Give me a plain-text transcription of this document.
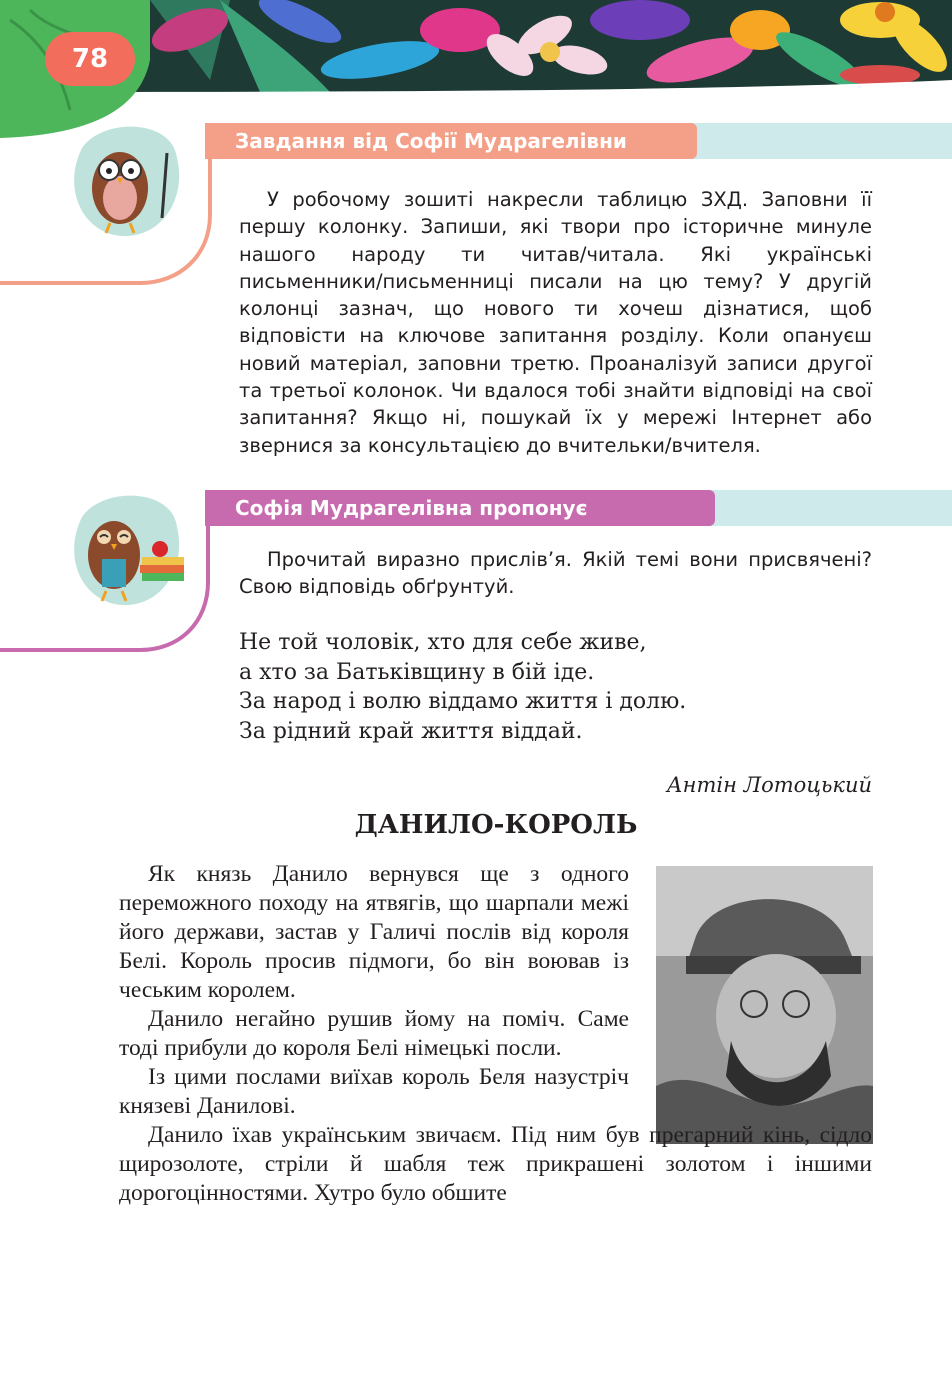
78
Завдання від Софії Мудрагелівни

У робочому зошиті накресли таблицю ЗХД. Заповни її першу колонку. Запиши, які твори про історичне минуле нашого народу ти читав/читала. Які українські письменники/письменниці писали на цю тему? У другій колонці зазнач, що нового ти хочеш дізнатися, щоб відповісти на ключове запитання розділу. Коли опануєш новий матеріал, заповни третю. Проаналізуй записи другої та третьої колонок. Чи вдалося тобі знайти відповіді на свої запитання? Якщо ні, пошукай їх у мережі Інтернет або звернися за консультацією до вчительки/вчителя.

Софія Мудрагелівна пропонує

Прочитай виразно прислів’я. Якій темі вони присвячені? Свою відповідь обґрунтуй.

Не той чоловік, хто для себе живе,
а хто за Батьківщину в бій іде.
За народ і волю віддамо життя і долю.
За рідний край життя віддай.
Антін Лотоцький
ДАНИЛО-КОРОЛЬ

Як князь Данило вернувся ще з одного переможного походу на ятвягів, що шарпали межі його держави, застав у Галичі послів від короля Белі. Король просив підмоги, бо він воював із чеським королем.

Данило негайно рушив йому на поміч. Саме тоді прибули до короля Белі німецькі посли.

Із цими послами виїхав король Беля назустріч князеві Данилові.

Данило їхав українським звичаєм. Під ним був прегарний кінь, сідло щирозолоте, стріли й шабля теж прикрашені золотом і іншими дорогоцінностями. Хутро було обшите
